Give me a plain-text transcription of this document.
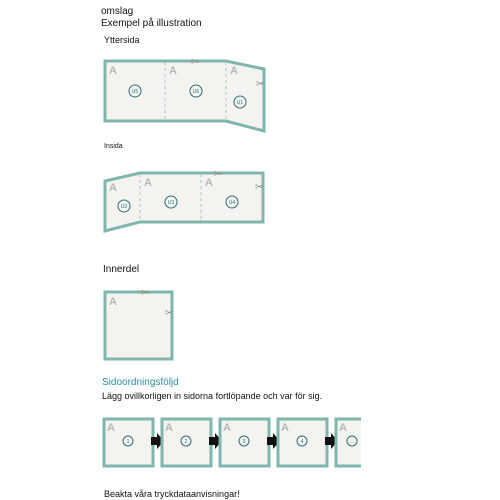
omslag

Exempel på illustration

Yttersida

Insida

Innerdel

Sidoordningsföljd

Lägg ovillkorligen in sidorna fortlöpande och var för sig.

Beakta våra tryckdataanvisningar!

A	A	A
✂
✂
U5	U6
U1
A A	A
✂
✂
U2
U3	U4
A
✂
✂
A
1
A
2
A
3
A
4
A
...
